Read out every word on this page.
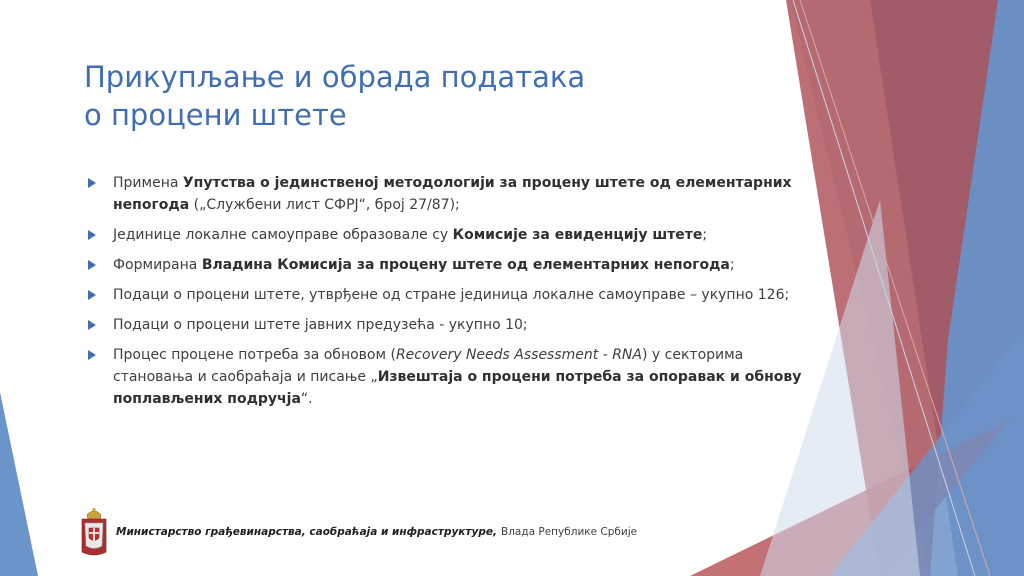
Прикупљање и обрада података
о процени штете
Примена Упутства о јединственој методологији за процену штете од елементарних непогода („Службени лист СФРЈ“, број 27/87);
Јединице локалне самоуправе образовале су Комисије за евиденцију штете;
Формирана Владина Комисија за процену штете од елементарних непогода;
Подаци о процени штете, утврђене од стране јединица локалне самоуправе – укупно 126;
Подаци о процени штете јавних предузећа - укупно 10;
Процес процене потреба за обновом (Recovery Needs Assessment - RNA) у секторима становања и саобраћаја и писање „Извештаја о процени потреба за опоравак и обнову поплављених подручја“.
Министарство грађевинарства, саобраћаја и инфраструктуре, Влада Републике Србије
